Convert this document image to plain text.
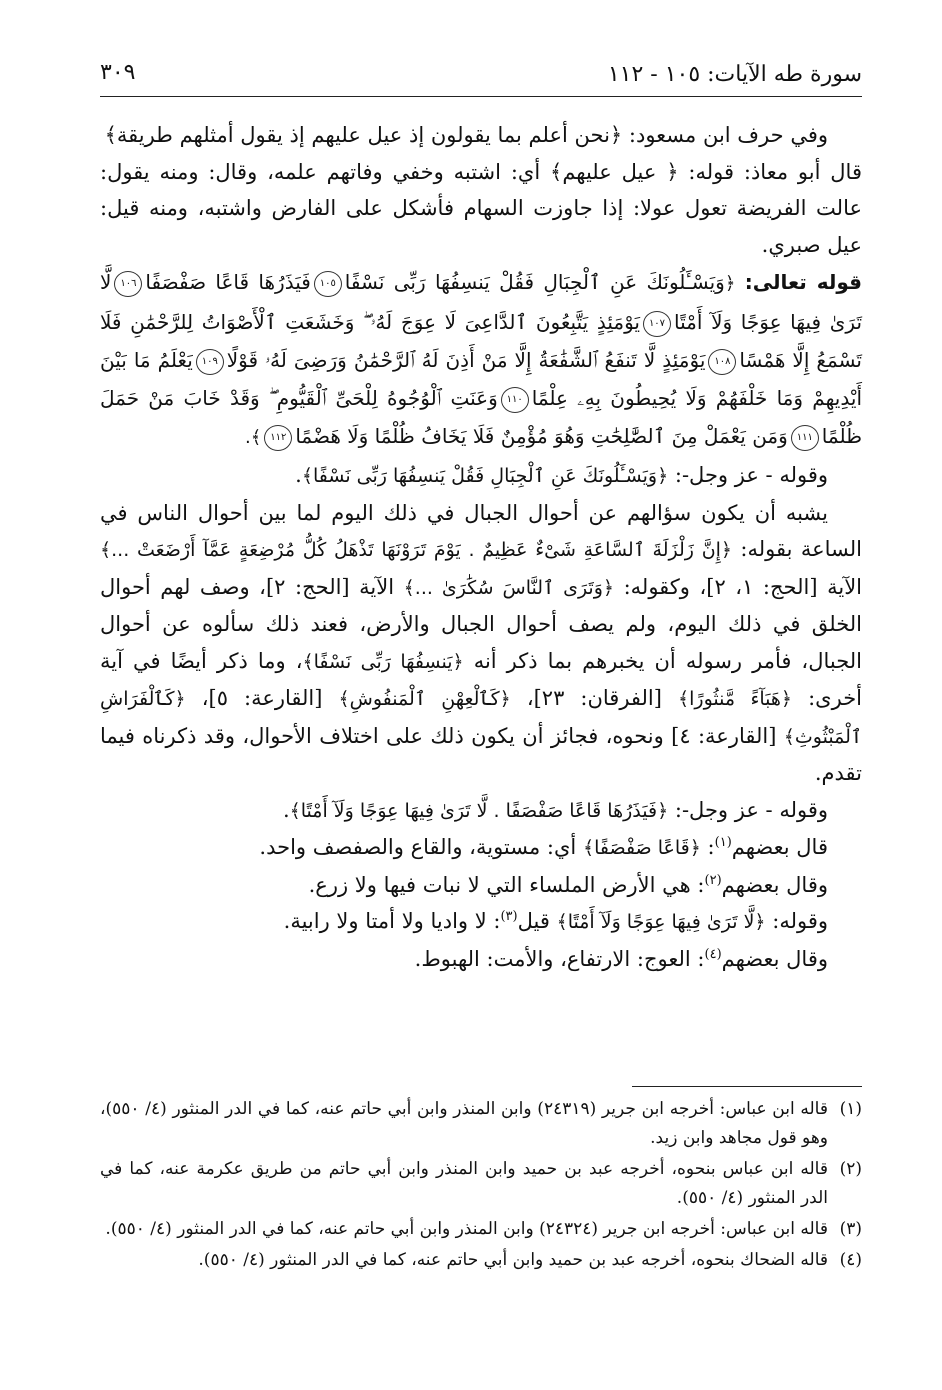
سورة طه الآيات: ١٠٥ - ١١٢
٣٠٩

وفي حرف ابن مسعود: ﴿نحن أعلم بما يقولون إذ عيل عليهم إذ يقول أمثلهم طريقة﴾

قال أبو معاذ: قوله: ﴿ عيل عليهم﴾ أي: اشتبه وخفي وفاتهم علمه، وقال: ومنه يقول: عالت الفريضة تعول عولا: إذا جاوزت السهام فأشكل على الفارض واشتبه، ومنه قيل: عيل صبري.

قوله تعالى: ﴿وَيَسْـَٔلُونَكَ عَنِ ٱلْجِبَالِ فَقُلْ يَنسِفُهَا رَبِّى نَسْفًا١٠٥فَيَذَرُهَا قَاعًا صَفْصَفًا١٠٦لَّا تَرَىٰ فِيهَا عِوَجًا وَلَآ أَمْتًا١٠٧يَوْمَئِذٍ يَتَّبِعُونَ ٱلدَّاعِىَ لَا عِوَجَ لَهُۥ ۖ وَخَشَعَتِ ٱلْأَصْوَاتُ لِلرَّحْمَٰنِ فَلَا تَسْمَعُ إِلَّا هَمْسًا١٠٨يَوْمَئِذٍ لَّا تَنفَعُ ٱلشَّفَٰعَةُ إِلَّا مَنْ أَذِنَ لَهُ ٱلرَّحْمَٰنُ وَرَضِىَ لَهُۥ قَوْلًا١٠٩يَعْلَمُ مَا بَيْنَ أَيْدِيهِمْ وَمَا خَلْفَهُمْ وَلَا يُحِيطُونَ بِهِۦ عِلْمًا١١٠وَعَنَتِ ٱلْوُجُوهُ لِلْحَىِّ ٱلْقَيُّومِ ۖ وَقَدْ خَابَ مَنْ حَمَلَ ظُلْمًا١١١وَمَن يَعْمَلْ مِنَ ٱلصَّٰلِحَٰتِ وَهُوَ مُؤْمِنٌ فَلَا يَخَافُ ظُلْمًا وَلَا هَضْمًا١١٢﴾.

وقوله - عز وجل-: ﴿وَيَسْـَٔلُونَكَ عَنِ ٱلْجِبَالِ فَقُلْ يَنسِفُهَا رَبِّى نَسْفًا﴾.

يشبه أن يكون سؤالهم عن أحوال الجبال في ذلك اليوم لما بين أحوال الناس في الساعة بقوله: ﴿إِنَّ زَلْزَلَةَ ٱلسَّاعَةِ شَىْءٌ عَظِيمٌ . يَوْمَ تَرَوْنَهَا تَذْهَلُ كُلُّ مُرْضِعَةٍ عَمَّآ أَرْضَعَتْ ...﴾ الآية [الحج: ١، ٢]، وكقوله: ﴿وَتَرَى ٱلنَّاسَ سُكَٰرَىٰ ...﴾ الآية [الحج: ٢]، وصف لهم أحوال الخلق في ذلك اليوم، ولم يصف أحوال الجبال والأرض، فعند ذلك سألوه عن أحوال الجبال، فأمر رسوله أن يخبرهم بما ذكر أنه ﴿يَنسِفُهَا رَبِّى نَسْفًا﴾، وما ذكر أيضًا في آية أخرى: ﴿هَبَآءً مَّنثُورًا﴾ [الفرقان: ٢٣]، ﴿كَٱلْعِهْنِ ٱلْمَنفُوشِ﴾ [القارعة: ٥]، ﴿كَٱلْفَرَاشِ ٱلْمَبْثُوثِ﴾ [القارعة: ٤] ونحوه، فجائز أن يكون ذلك على اختلاف الأحوال، وقد ذكرناه فيما تقدم.

وقوله - عز وجل-: ﴿فَيَذَرُهَا قَاعًا صَفْصَفًا . لَّا تَرَىٰ فِيهَا عِوَجًا وَلَآ أَمْتًا﴾.

قال بعضهم$^{(١)}$: ﴿قَاعًا صَفْصَفًا﴾ أي: مستوية، والقاع والصفصف واحد.

وقال بعضهم$^{(٢)}$: هي الأرض الملساء التي لا نبات فيها ولا زرع.

وقوله: ﴿لَّا تَرَىٰ فِيهَا عِوَجًا وَلَآ أَمْتًا﴾ قيل$^{(٣)}$: لا واديا ولا أمتا ولا رابية.

وقال بعضهم$^{(٤)}$: العوج: الارتفاع، والأمت: الهبوط.

(١)
قاله ابن عباس: أخرجه ابن جرير (٢٤٣١٩) وابن المنذر وابن أبي حاتم عنه، كما في الدر المنثور (٤/ ٥٥٠)، وهو قول مجاهد وابن زيد.
(٢)
قاله ابن عباس بنحوه، أخرجه عبد بن حميد وابن المنذر وابن أبي حاتم من طريق عكرمة عنه، كما في الدر المنثور (٤/ ٥٥٠).
(٣)
قاله ابن عباس: أخرجه ابن جرير (٢٤٣٢٤) وابن المنذر وابن أبي حاتم عنه، كما في الدر المنثور (٤/ ٥٥٠).
(٤)
قاله الضحاك بنحوه، أخرجه عبد بن حميد وابن أبي حاتم عنه، كما في الدر المنثور (٤/ ٥٥٠).
